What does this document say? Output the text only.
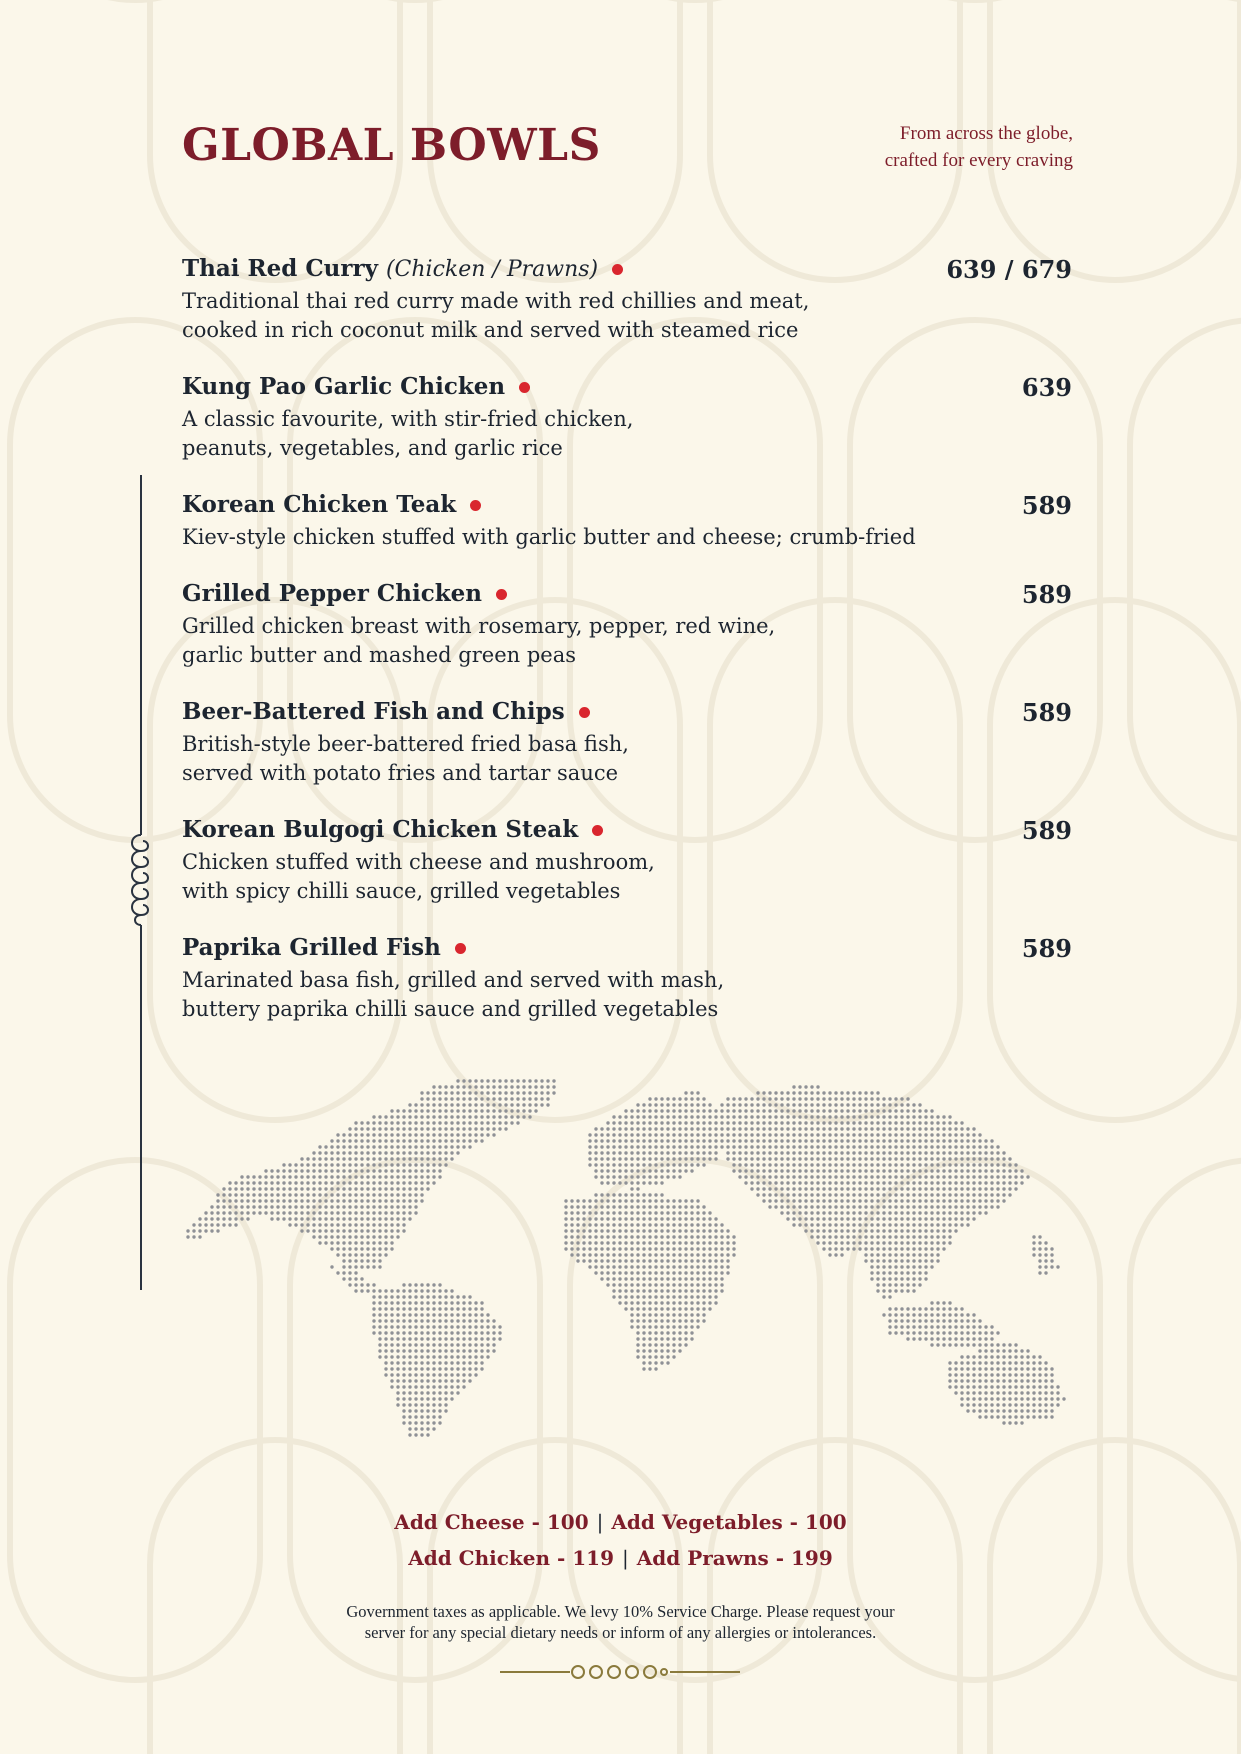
GLOBAL BOWLS	From across the globe,
crafted for every craving
Thai Red Curry (Chicken / Prawns)	639 / 679
Traditional thai red curry made with red chillies and meat,
cooked in rich coconut milk and served with steamed rice
Kung Pao Garlic Chicken	639
A classic favourite, with stir-fried chicken,
peanuts, vegetables, and garlic rice
Korean Chicken Teak	589
Kiev-style chicken stuffed with garlic butter and cheese; crumb-fried
Grilled Pepper Chicken	589
Grilled chicken breast with rosemary, pepper, red wine,
garlic butter and mashed green peas
Beer-Battered Fish and Chips	589
British-style beer-battered fried basa fish,
served with potato fries and tartar sauce
Korean Bulgogi Chicken Steak	589
Chicken stuffed with cheese and mushroom,
with spicy chilli sauce, grilled vegetables
Paprika Grilled Fish	589
Marinated basa fish, grilled and served with mash,
buttery paprika chilli sauce and grilled vegetables
Add Cheese - 100 | Add Vegetables - 100
Add Chicken - 119 | Add Prawns - 199
Government taxes as applicable. We levy 10% Service Charge. Please request your
server for any special dietary needs or inform of any allergies or intolerances.
